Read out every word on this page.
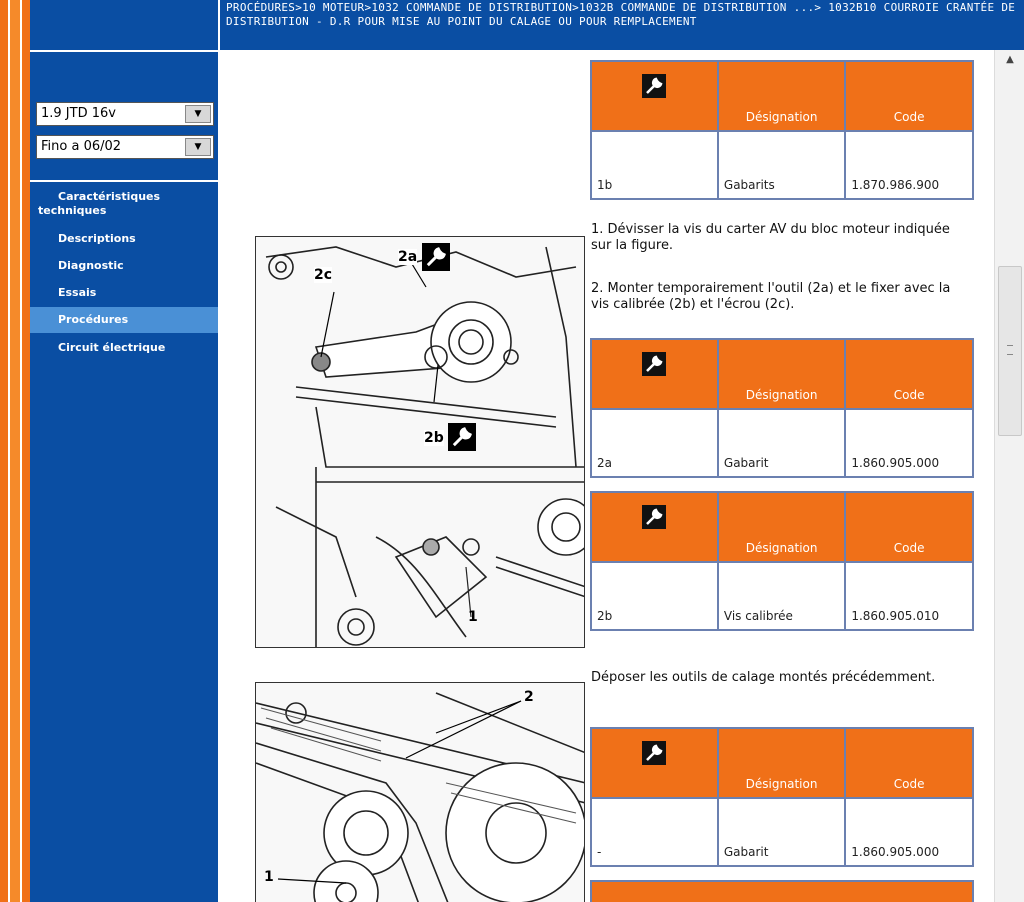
PROCÉDURES>10 MOTEUR>1032 COMMANDE DE DISTRIBUTION>1032B COMMANDE DE DISTRIBUTION ...> 1032B10 COURROIE CRANTÉE DE DISTRIBUTION - D.R POUR MISE AU POINT DU CALAGE OU POUR REMPLACEMENT
1.9 JTD 16v	▼
Fino a 06/02	▼
Caractéristiques techniques
Descriptions
Diagnostic
Essais
Procédures
Circuit électrique
	Désignation	Code
1b	Gabarits	1.870.986.900
1. Dévisser la vis du carter AV du bloc moteur indiquée sur la figure.
2. Monter temporairement l'outil (2a) et le fixer avec la vis calibrée (2b) et l'écrou (2c).
	Désignation	Code
2a	Gabarit	1.860.905.000
	Désignation	Code
2b	Vis calibrée	1.860.905.010
Déposer les outils de calage montés précédemment.
	Désignation	Code
-	Gabarit	1.860.905.000
2c
2a
2b
1
2
1
▲
